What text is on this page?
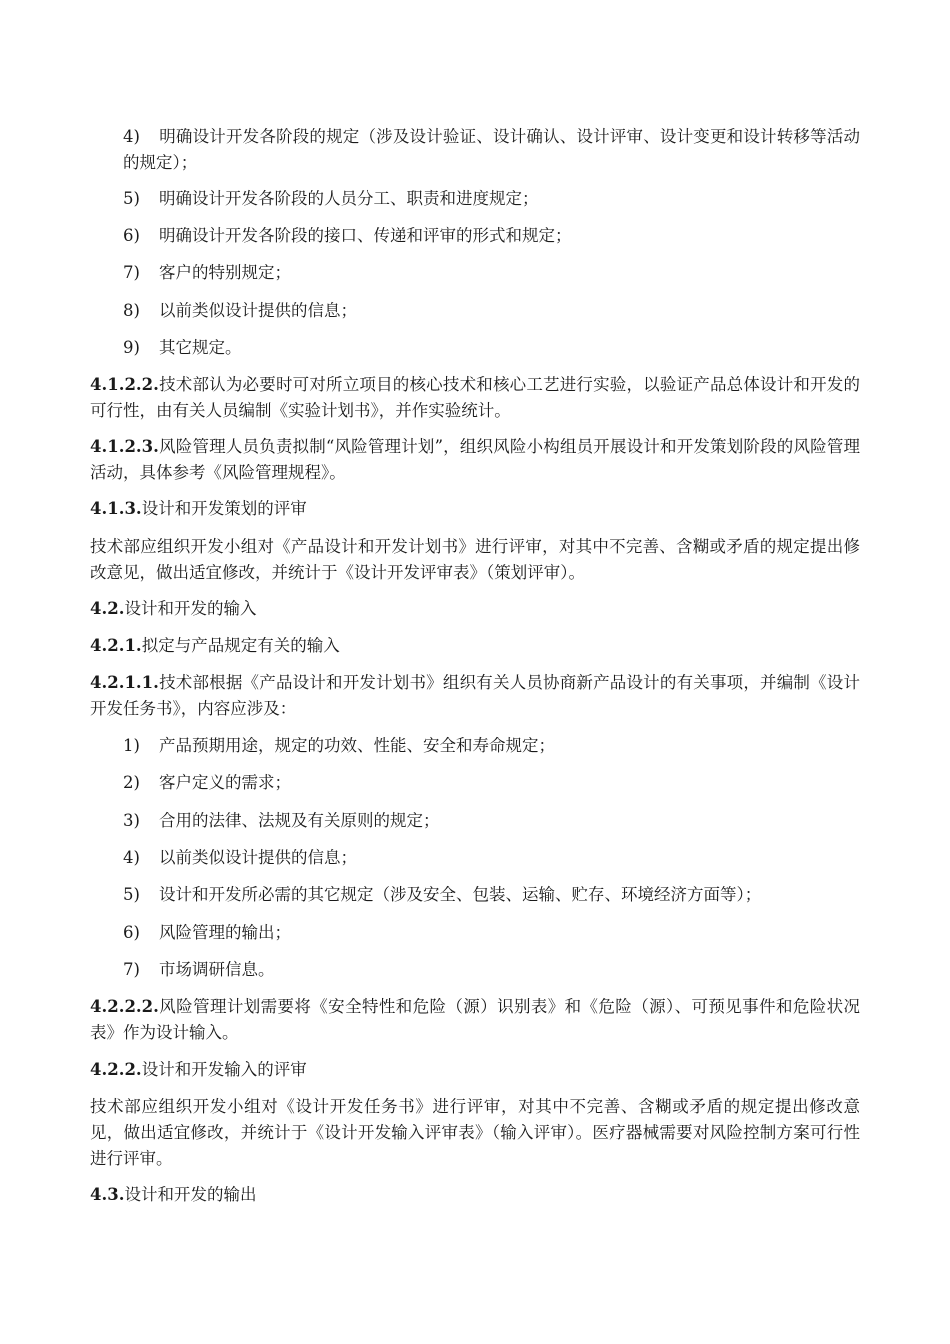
4) 明确设计开发各阶段的规定（涉及设计验证、设计确认、设计评审、设计变更和设计转移等活动的规定）；
5) 明确设计开发各阶段的人员分工、职责和进度规定；
6) 明确设计开发各阶段的接口、传递和评审的形式和规定；
7) 客户的特别规定；
8) 以前类似设计提供的信息；
9) 其它规定。
4.1.2.2.技术部认为必要时可对所立项目的核心技术和核心工艺进行实验，以验证产品总体设计和开发的可行性，由有关人员编制《实验计划书》，并作实验统计。
4.1.2.3.风险管理人员负责拟制“风险管理计划”，组织风险小构组员开展设计和开发策划阶段的风险管理活动，具体参考《风险管理规程》。
4.1.3.设计和开发策划的评审
技术部应组织开发小组对《产品设计和开发计划书》进行评审，对其中不完善、含糊或矛盾的规定提出修改意见，做出适宜修改，并统计于《设计开发评审表》（策划评审）。
4.2.设计和开发的输入
4.2.1.拟定与产品规定有关的输入
4.2.1.1.技术部根据《产品设计和开发计划书》组织有关人员协商新产品设计的有关事项，并编制《设计开发任务书》，内容应涉及：
1) 产品预期用途，规定的功效、性能、安全和寿命规定；
2) 客户定义的需求；
3) 合用的法律、法规及有关原则的规定；
4) 以前类似设计提供的信息；
5) 设计和开发所必需的其它规定（涉及安全、包装、运输、贮存、环境经济方面等）；
6) 风险管理的输出；
7) 市场调研信息。
4.2.2.2.风险管理计划需要将《安全特性和危险（源）识别表》和《危险（源）、可预见事件和危险状况表》作为设计输入。
4.2.2.设计和开发输入的评审
技术部应组织开发小组对《设计开发任务书》进行评审，对其中不完善、含糊或矛盾的规定提出修改意见，做出适宜修改，并统计于《设计开发输入评审表》（输入评审）。医疗器械需要对风险控制方案可行性进行评审。
4.3.设计和开发的输出
